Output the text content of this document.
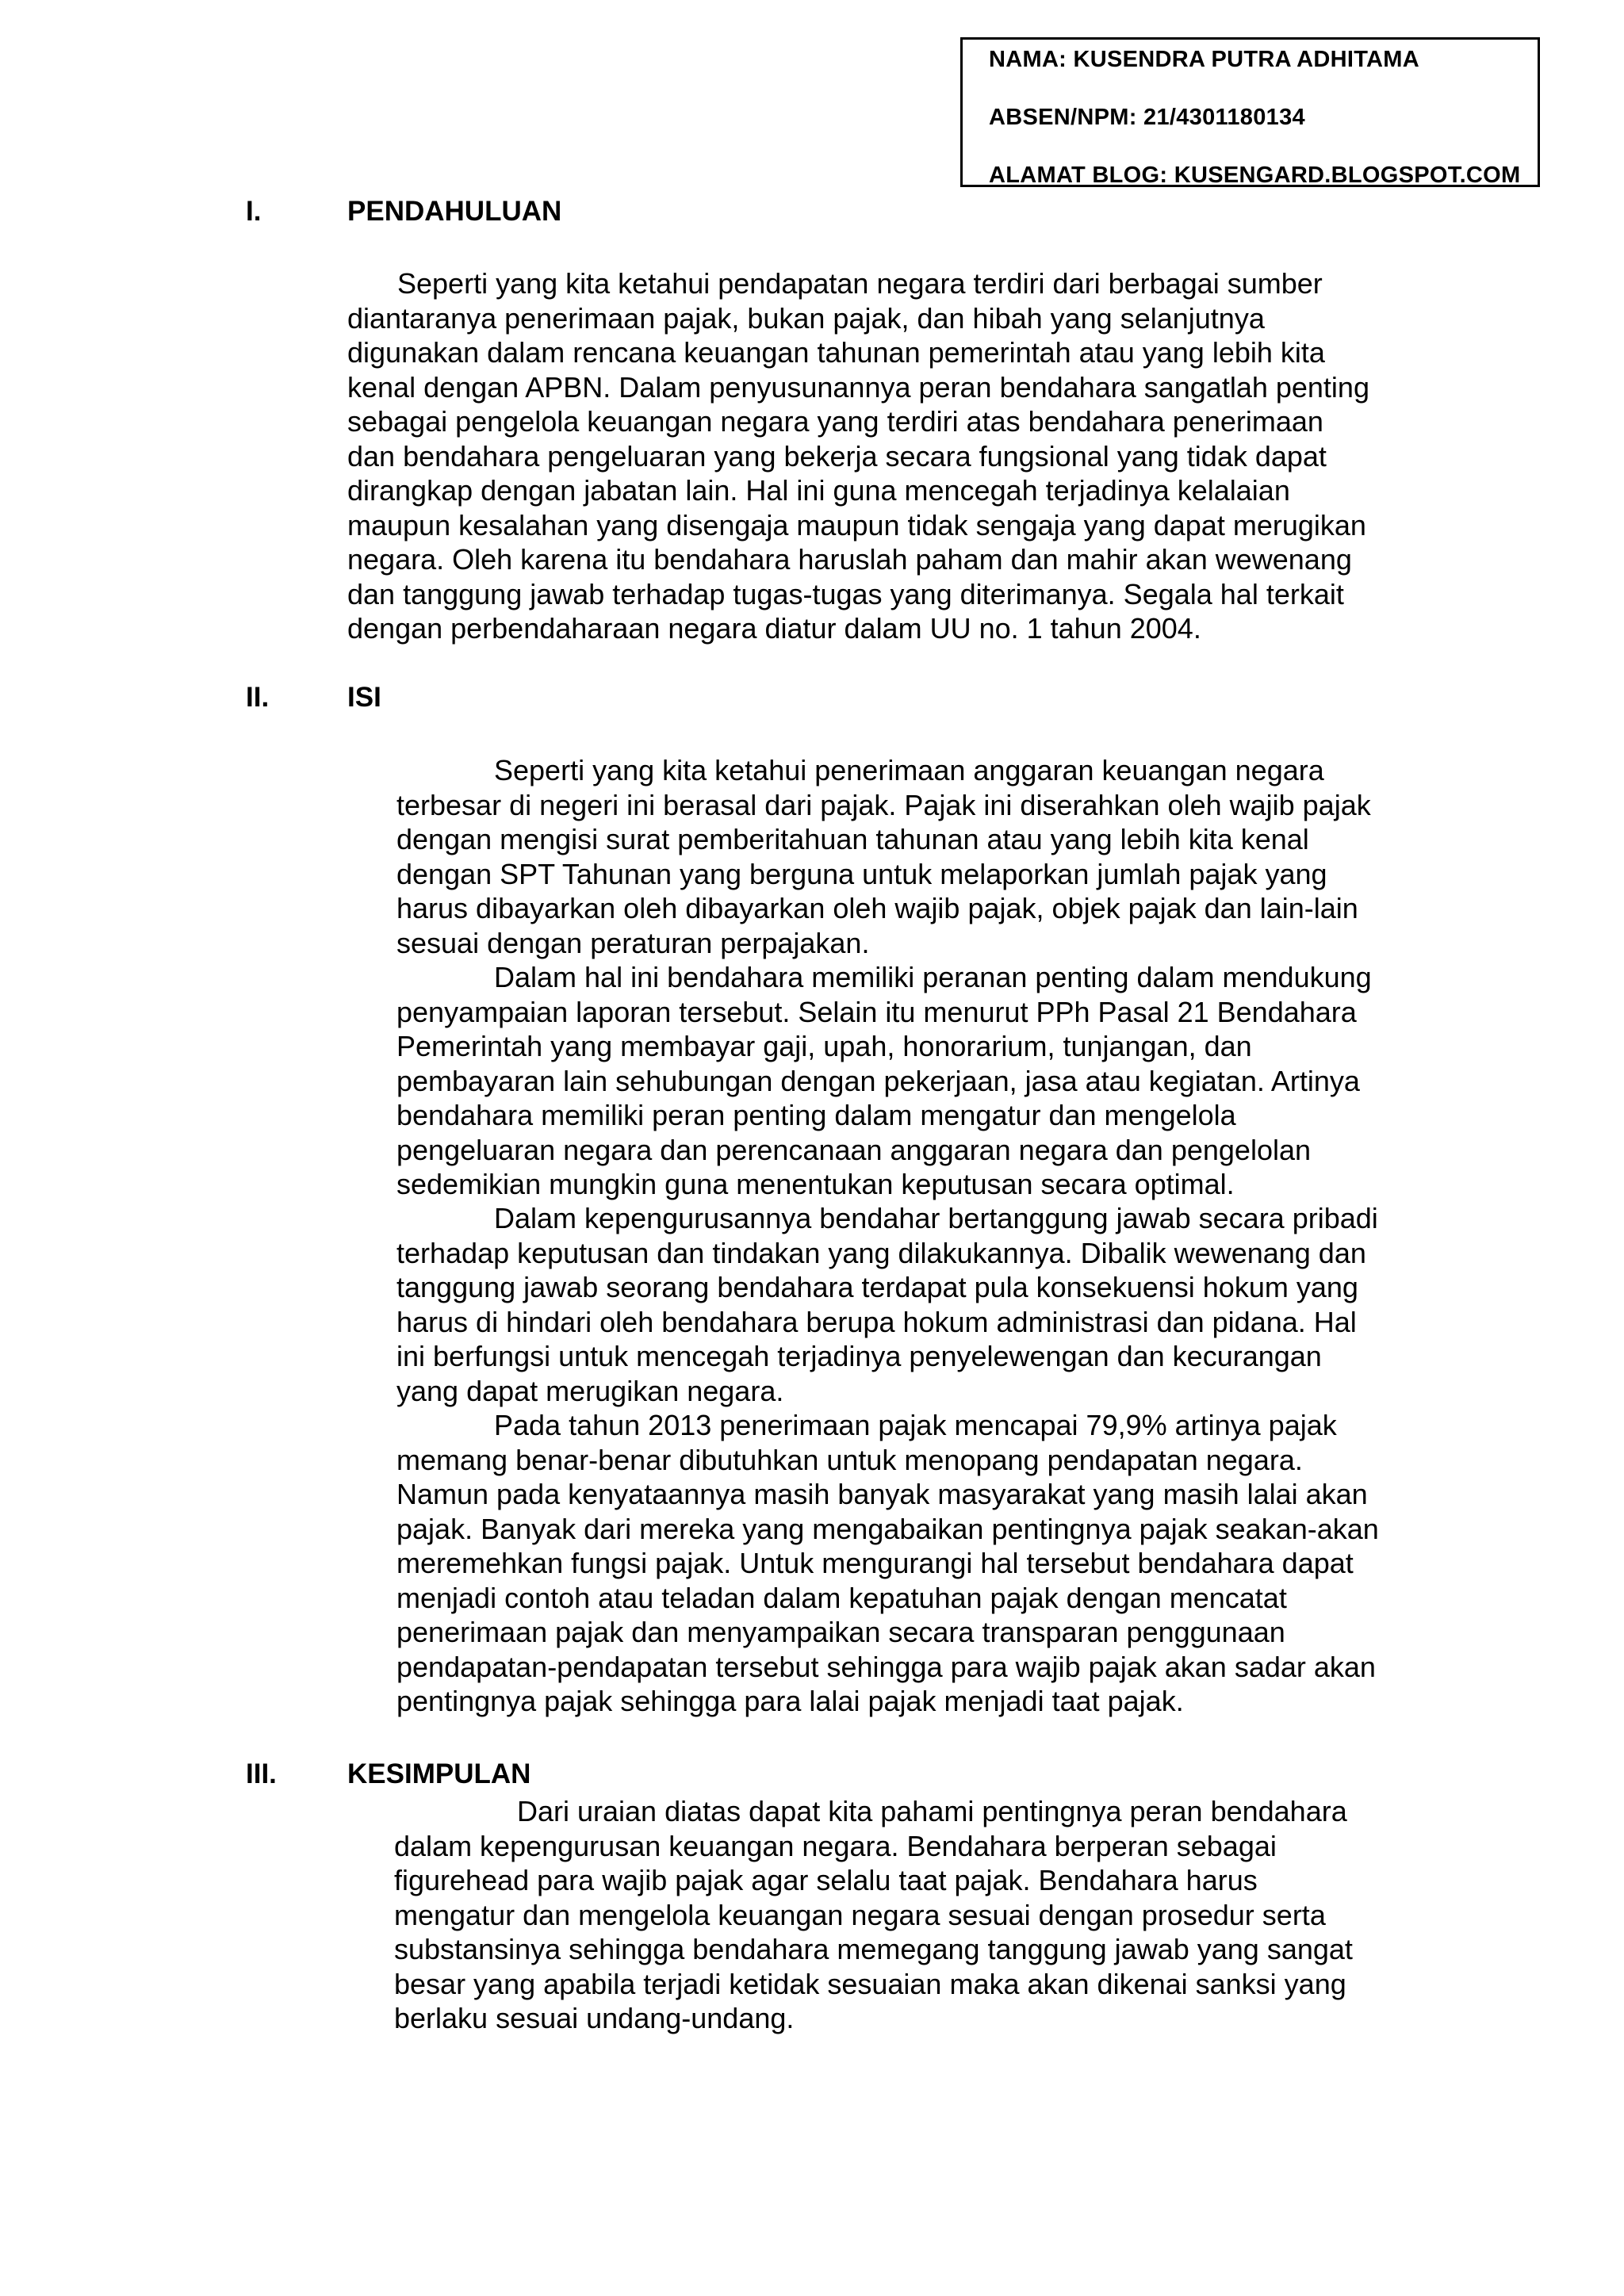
NAMA: KUSENDRA PUTRA ADHITAMA
ABSEN/NPM: 21/4301180134
ALAMAT BLOG: KUSENGARD.BLOGSPOT.COM
I.	PENDAHULUAN
Seperti yang kita ketahui pendapatan negara terdiri dari berbagai sumber
diantaranya penerimaan pajak, bukan pajak, dan hibah yang selanjutnya
digunakan dalam rencana keuangan tahunan pemerintah atau yang lebih kita
kenal dengan APBN. Dalam penyusunannya peran bendahara sangatlah penting
sebagai pengelola keuangan negara yang terdiri atas bendahara penerimaan
dan bendahara pengeluaran yang bekerja secara fungsional yang tidak dapat
dirangkap dengan jabatan lain. Hal ini guna mencegah terjadinya kelalaian
maupun kesalahan yang disengaja maupun tidak sengaja yang dapat merugikan
negara. Oleh karena itu bendahara haruslah paham dan mahir akan wewenang
dan tanggung jawab terhadap tugas-tugas yang diterimanya. Segala hal terkait
dengan perbendaharaan negara diatur dalam UU no. 1 tahun 2004.
II.	ISI
Seperti yang kita ketahui penerimaan anggaran keuangan negara
terbesar di negeri ini berasal dari pajak. Pajak ini diserahkan oleh wajib pajak
dengan mengisi surat pemberitahuan tahunan atau yang lebih kita kenal
dengan SPT Tahunan yang berguna untuk melaporkan jumlah pajak yang
harus dibayarkan oleh dibayarkan oleh wajib pajak, objek pajak dan lain-lain
sesuai dengan peraturan perpajakan.
Dalam hal ini bendahara memiliki peranan penting dalam mendukung
penyampaian laporan tersebut. Selain itu menurut PPh Pasal 21 Bendahara
Pemerintah yang membayar gaji, upah, honorarium, tunjangan, dan
pembayaran lain sehubungan dengan pekerjaan, jasa atau kegiatan. Artinya
bendahara memiliki peran penting dalam mengatur dan mengelola
pengeluaran negara dan perencanaan anggaran negara dan pengelolan
sedemikian mungkin guna menentukan keputusan secara optimal.
Dalam kepengurusannya bendahar bertanggung jawab secara pribadi
terhadap keputusan dan tindakan yang dilakukannya. Dibalik wewenang dan
tanggung jawab seorang bendahara terdapat pula konsekuensi hokum yang
harus di hindari oleh bendahara berupa hokum administrasi dan pidana. Hal
ini berfungsi untuk mencegah terjadinya penyelewengan dan kecurangan
yang dapat merugikan negara.
Pada tahun 2013 penerimaan pajak mencapai 79,9% artinya pajak
memang benar-benar dibutuhkan untuk menopang pendapatan negara.
Namun pada kenyataannya masih banyak masyarakat yang masih lalai akan
pajak. Banyak dari mereka yang mengabaikan pentingnya pajak seakan-akan
meremehkan fungsi pajak. Untuk mengurangi hal tersebut bendahara dapat
menjadi contoh atau teladan dalam kepatuhan pajak dengan mencatat
penerimaan pajak dan menyampaikan secara transparan penggunaan
pendapatan-pendapatan tersebut sehingga para wajib pajak akan sadar akan
pentingnya pajak sehingga para lalai pajak menjadi taat pajak.
III.	KESIMPULAN
Dari uraian diatas dapat kita pahami pentingnya peran bendahara
dalam kepengurusan keuangan negara. Bendahara berperan sebagai
figurehead para wajib pajak agar selalu taat pajak. Bendahara harus
mengatur dan mengelola keuangan negara sesuai dengan prosedur serta
substansinya sehingga bendahara memegang tanggung jawab yang sangat
besar yang apabila terjadi ketidak sesuaian maka akan dikenai sanksi yang
berlaku sesuai undang-undang.
